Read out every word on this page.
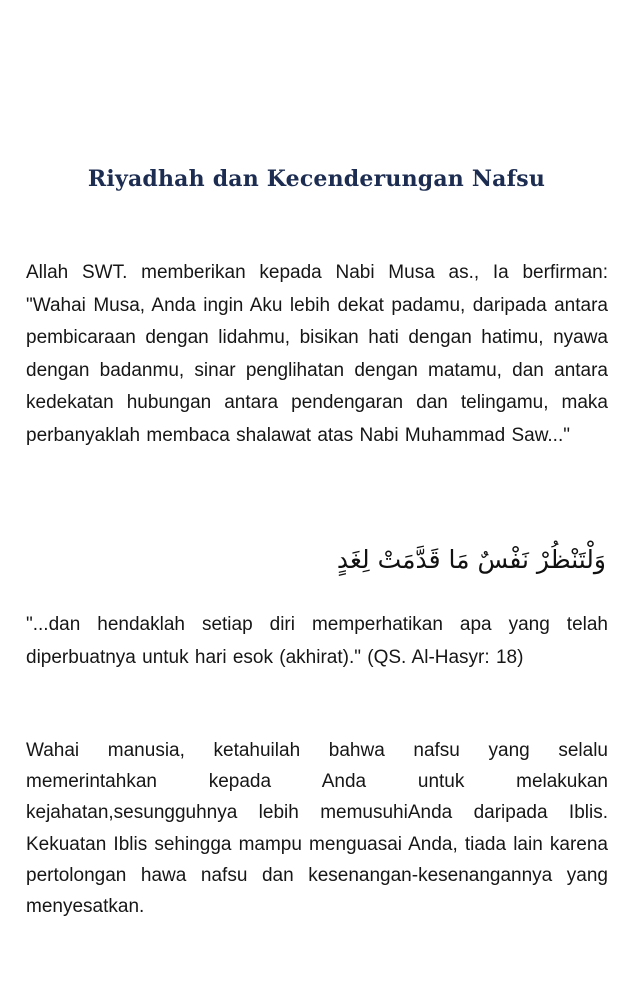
Riyadhah dan Kecenderungan Nafsu

Allah SWT. memberikan kepada Nabi Musa as., Ia berfirman: "Wahai Musa, Anda ingin Aku lebih dekat padamu, daripada antara pembicaraan dengan lidahmu, bisikan hati dengan hatimu, nyawa dengan badanmu, sinar penglihatan dengan matamu, dan antara kedekatan hubungan antara pendengaran dan telingamu, maka perbanyaklah membaca shalawat atas Nabi Muhammad Saw..."

وَلْتَنْظُرْ نَفْسٌ مَا قَدَّمَتْ لِغَدٍ

"...dan hendaklah setiap diri memperhatikan apa yang telah diperbuatnya untuk hari esok (akhirat)." (QS. Al-Hasyr: 18)

Wahai manusia, ketahuilah bahwa nafsu yang selalu memerintahkan kepada Anda untuk melakukan kejahatan,sesungguhnya lebih memusuhiAnda daripada Iblis. Kekuatan Iblis sehingga mampu menguasai Anda, tiada lain karena pertolongan hawa nafsu dan kesenangan-kesenangannya yang menyesatkan.
